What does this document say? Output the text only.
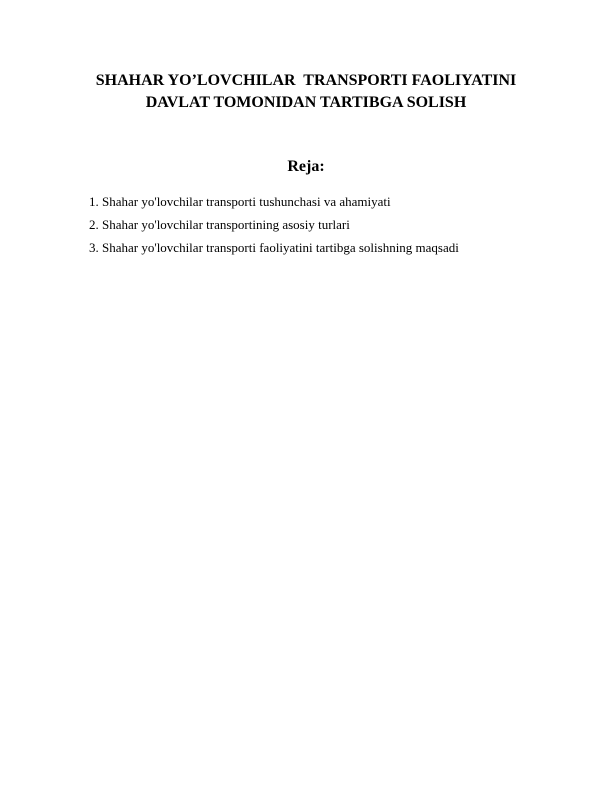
SHAHAR YO’LOVCHILAR  TRANSPORTI FAOLIYATINI
DAVLAT TOMONIDAN TARTIBGA SOLISH
Reja:
1. Shahar yo'lovchilar transporti tushunchasi va ahamiyati
2. Shahar yo'lovchilar transportining asosiy turlari
3. Shahar yo'lovchilar transporti faoliyatini tartibga solishning maqsadi
